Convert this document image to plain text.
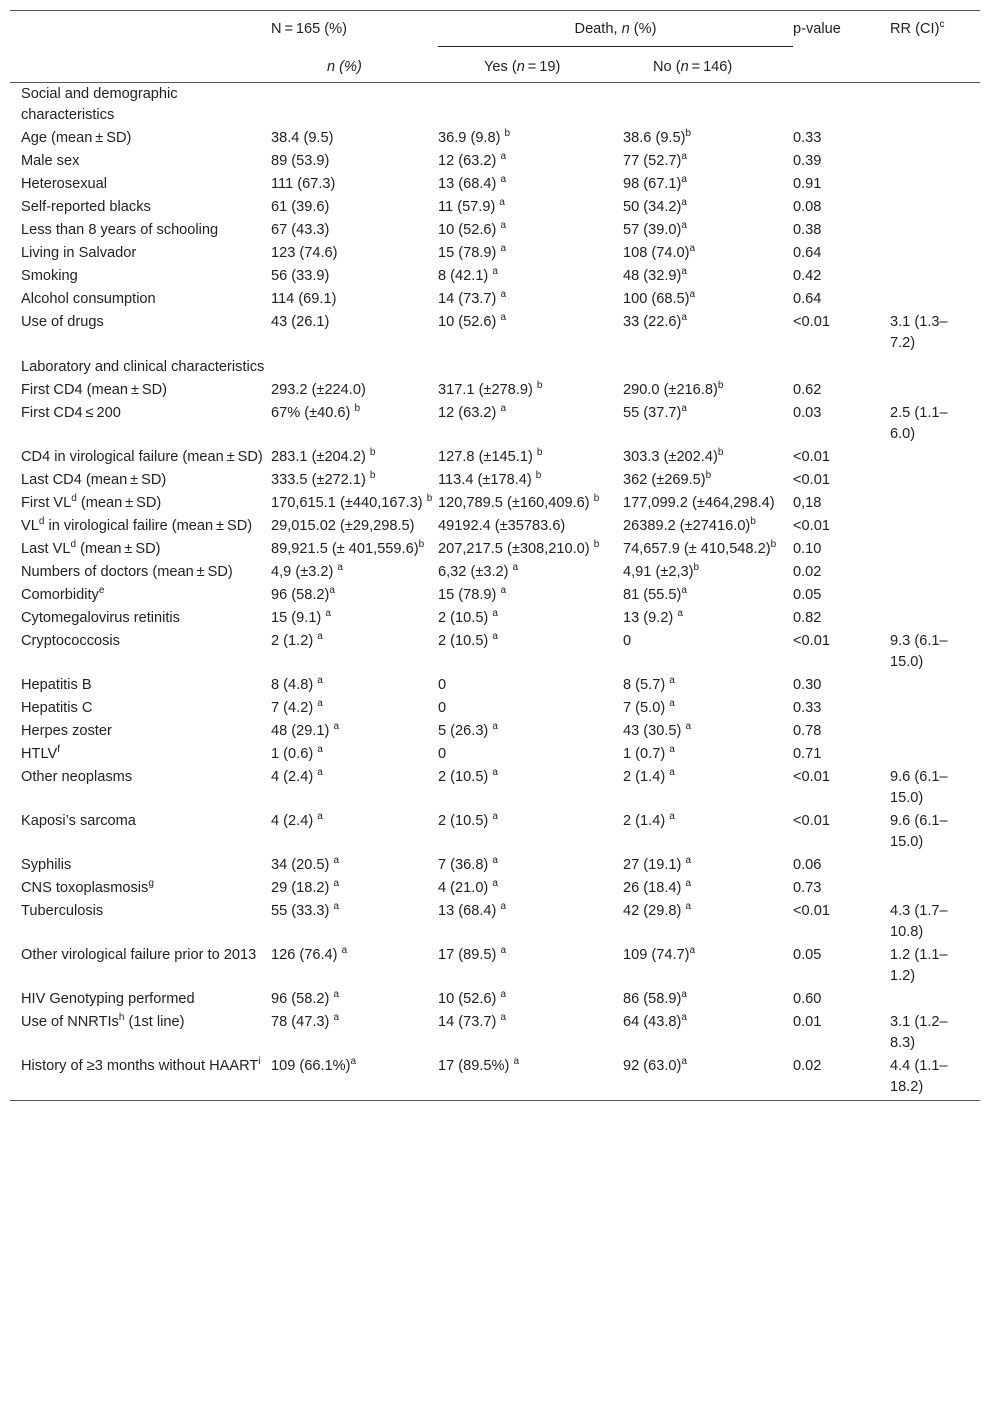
	N = 165 (%)	Death, n (%)		p-value	RR (CI)$^c$
	n (%)	Yes (n = 19)	No (n = 146)		
Social and demographic characteristics					
Age (mean ± SD)	38.4 (9.5)	36.9 (9.8) $^b$	38.6 $(9.5)^b$	0.33	
Male sex	89 (53.9)	12 (63.2) $^a$	77 $(52.7)^a$	0.39	
Heterosexual	111 (67.3)	13 (68.4) $^a$	98 $(67.1)^a$	0.91	
Self-reported blacks	61 (39.6)	11 (57.9) $^a$	50 $(34.2)^a$	0.08	
Less than 8 years of schooling	67 (43.3)	10 (52.6) $^a$	57 $(39.0)^a$	0.38	
Living in Salvador	123 (74.6)	15 (78.9) $^a$	108 $(74.0)^a$	0.64	
Smoking	56 (33.9)	8 (42.1) $^a$	48 $(32.9)^a$	0.42	
Alcohol consumption	114 (69.1)	14 (73.7) $^a$	100 $(68.5)^a$	0.64	
Use of drugs	43 (26.1)	10 (52.6) $^a$	33 $(22.6)^a$	<0.01	3.1 (1.3– 7.2)
Laboratory and clinical characteristics					
First CD4 (mean ± SD)	293.2 (±224.0)	317.1 (±278.9) $^b$	290.0 $(\pm 216.8)^b$	0.62	
First CD4 ≤ 200	67% (±40.6) $^b$	12 (63.2) $^a$	55 $(37.7)^a$	0.03	2.5 (1.1– 6.0)
CD4 in virological failure (mean ± SD)	283.1 (±204.2) $^b$	127.8 (±145.1) $^b$	303.3 $(\pm 202.4)^b$	<0.01	
Last CD4 (mean ± SD)	333.5 (±272.1) $^b$	113.4 (±178.4) $^b$	362 $(\pm 269.5)^b$	<0.01	
First $VL^d$ (mean ± SD)	170,615.1 (±440,167.3) $^b$	120,789.5 (±160,409.6) $^b$	177,099.2 (±464,298.4)	0,18	
$VL^d$ in virological failire (mean ± SD)	29,015.02 (±29,298.5)	49192.4 (±35783.6)	26389.2 $(\pm 27416.0)^b$	<0.01	
Last $VL^d$ (mean ± SD)	89,921.5 (± 401,559.6)$^b$	207,217.5 (±308,210.0) $^b$	74,657.9 (± 410,548.2)$^b$	0.10	
Numbers of doctors (mean ± SD)	4,9 (±3.2) $^a$	6,32 (±3.2) $^a$	4,91 $(\pm 2,3)^b$	0.02	
Comorbidity$^e$	96 $(58.2)^a$	15 (78.9) $^a$	81 $(55.5)^a$	0.05	
Cytomegalovirus retinitis	15 (9.1) $^a$	2 (10.5) $^a$	13 (9.2) $^a$	0.82	
Cryptococcosis	2 (1.2) $^a$	2 (10.5) $^a$	0	<0.01	9.3 (6.1– 15.0)
Hepatitis B	8 (4.8) $^a$	0	8 (5.7) $^a$	0.30	
Hepatitis C	7 (4.2) $^a$	0	7 (5.0) $^a$	0.33	
Herpes zoster	48 (29.1) $^a$	5 (26.3) $^a$	43 (30.5) $^a$	0.78	
HTLV$^f$	1 (0.6) $^a$	0	1 (0.7) $^a$	0.71	
Other neoplasms	4 (2.4) $^a$	2 (10.5) $^a$	2 (1.4) $^a$	<0.01	9.6 (6.1– 15.0)
Kaposi’s sarcoma	4 (2.4) $^a$	2 (10.5) $^a$	2 (1.4) $^a$	<0.01	9.6 (6.1– 15.0)
Syphilis	34 (20.5) $^a$	7 (36.8) $^a$	27 (19.1) $^a$	0.06	
CNS toxoplasmosis$^g$	29 (18.2) $^a$	4 (21.0) $^a$	26 (18.4) $^a$	0.73	
Tuberculosis	55 (33.3) $^a$	13 (68.4) $^a$	42 (29.8) $^a$	<0.01	4.3 (1.7– 10.8)
Other virological failure prior to 2013	126 (76.4) $^a$	17 (89.5) $^a$	109 $(74.7)^a$	0.05	1.2 (1.1– 1.2)
HIV Genotyping performed	96 (58.2) $^a$	10 (52.6) $^a$	86 $(58.9)^a$	0.60	
Use of NNRTIs$^h$ (1st line)	78 (47.3) $^a$	14 (73.7) $^a$	64 $(43.8)^a$	0.01	3.1 (1.2– 8.3)
History of ≥3 months without HAART$^i$	109 $(66.1\%)^a$	17 (89.5%) $^a$	92 $(63.0)^a$	0.02	4.4 (1.1– 18.2)
